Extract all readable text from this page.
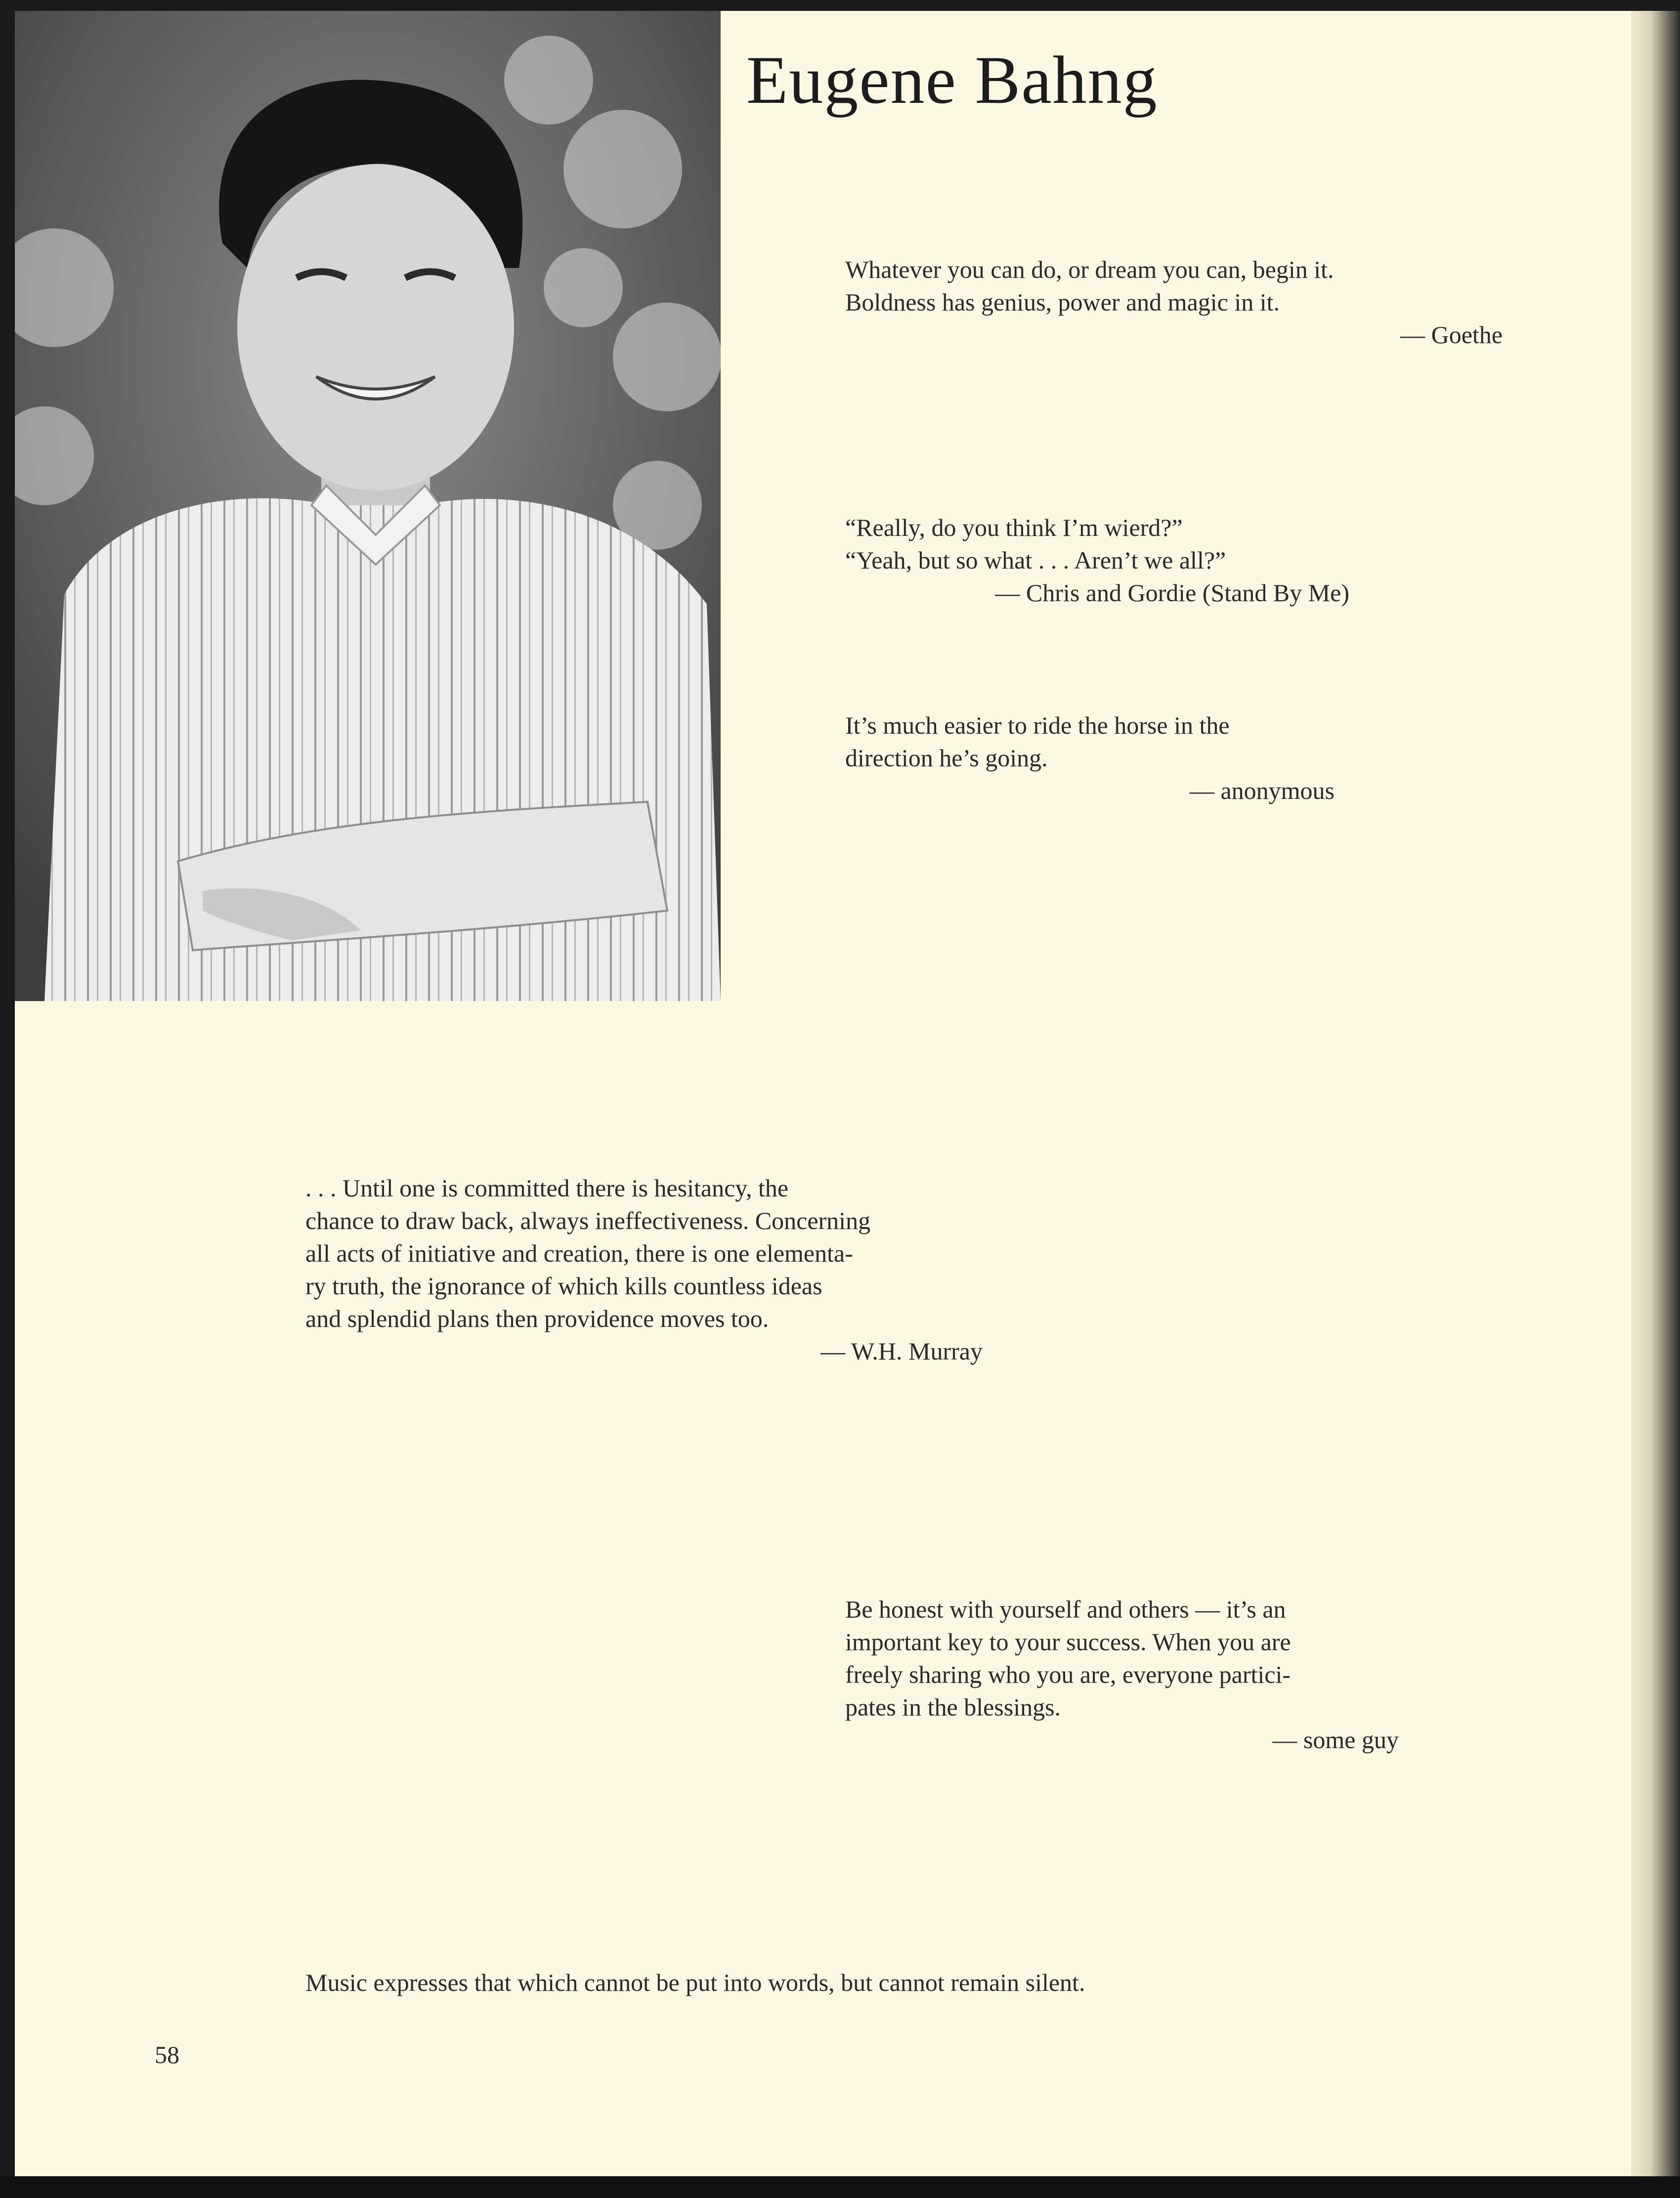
Eugene Bahng
Whatever you can do, or dream you can, begin it.
Boldness has genius, power and magic in it.
— Goethe
“Really, do you think I’m wierd?”
“Yeah, but so what . . . Aren’t we all?”
— Chris and Gordie (Stand By Me)
It’s much easier to ride the horse in the
direction he’s going.
— anonymous
. . . Until one is committed there is hesitancy, the
chance to draw back, always ineffectiveness. Concerning
all acts of initiative and creation, there is one elementa-
ry truth, the ignorance of which kills countless ideas
and splendid plans then providence moves too.
— W.H. Murray
Be honest with yourself and others — it’s an
important key to your success. When you are
freely sharing who you are, everyone partici-
pates in the blessings.
— some guy
Music expresses that which cannot be put into words, but cannot remain silent.
58
